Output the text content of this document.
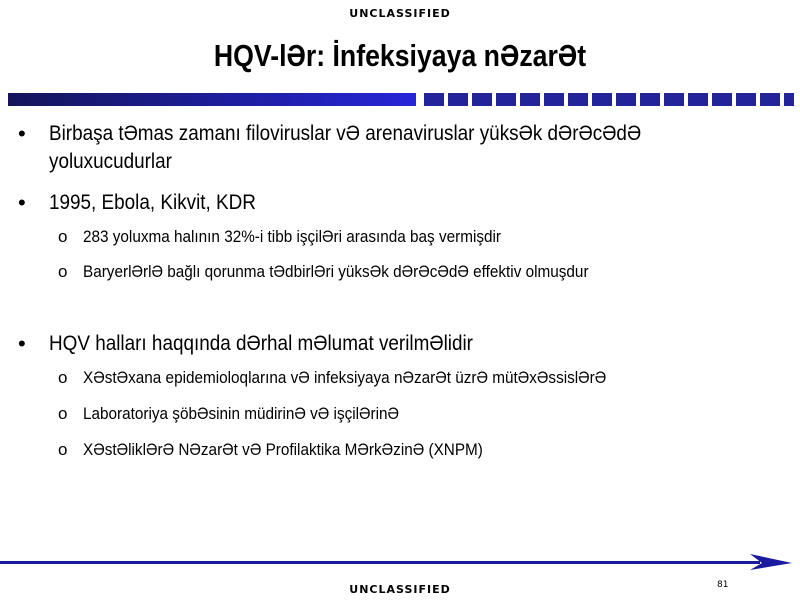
UNCLASSIFIED
HQV-lƏr: İnfeksiyaya nƏzarƏt
• Birbaşa tƏmas zamanı filoviruslar vƏ arenaviruslar yüksƏk dƏrƏcƏdƏ
yoluxucudurlar
• 1995, Ebola, Kikvit, KDR
o 283 yoluxma halının 32%-i tibb işçilƏri arasında baş vermişdir
o BaryerlƏrlƏ bağlı qorunma tƏdbirlƏri yüksƏk dƏrƏcƏdƏ effektiv olmuşdur
• HQV halları haqqında dƏrhal mƏlumat verilmƏlidir
o XƏstƏxana epidemioloqlarına vƏ infeksiyaya nƏzarƏt üzrƏ mütƏxƏssislƏrƏ
o Laboratoriya şöbƏsinin müdirinƏ vƏ işçilƏrinƏ
o XƏstƏliklƏrƏ NƏzarƏt vƏ Profilaktika MƏrkƏzinƏ (XNPM)
81
UNCLASSIFIED
